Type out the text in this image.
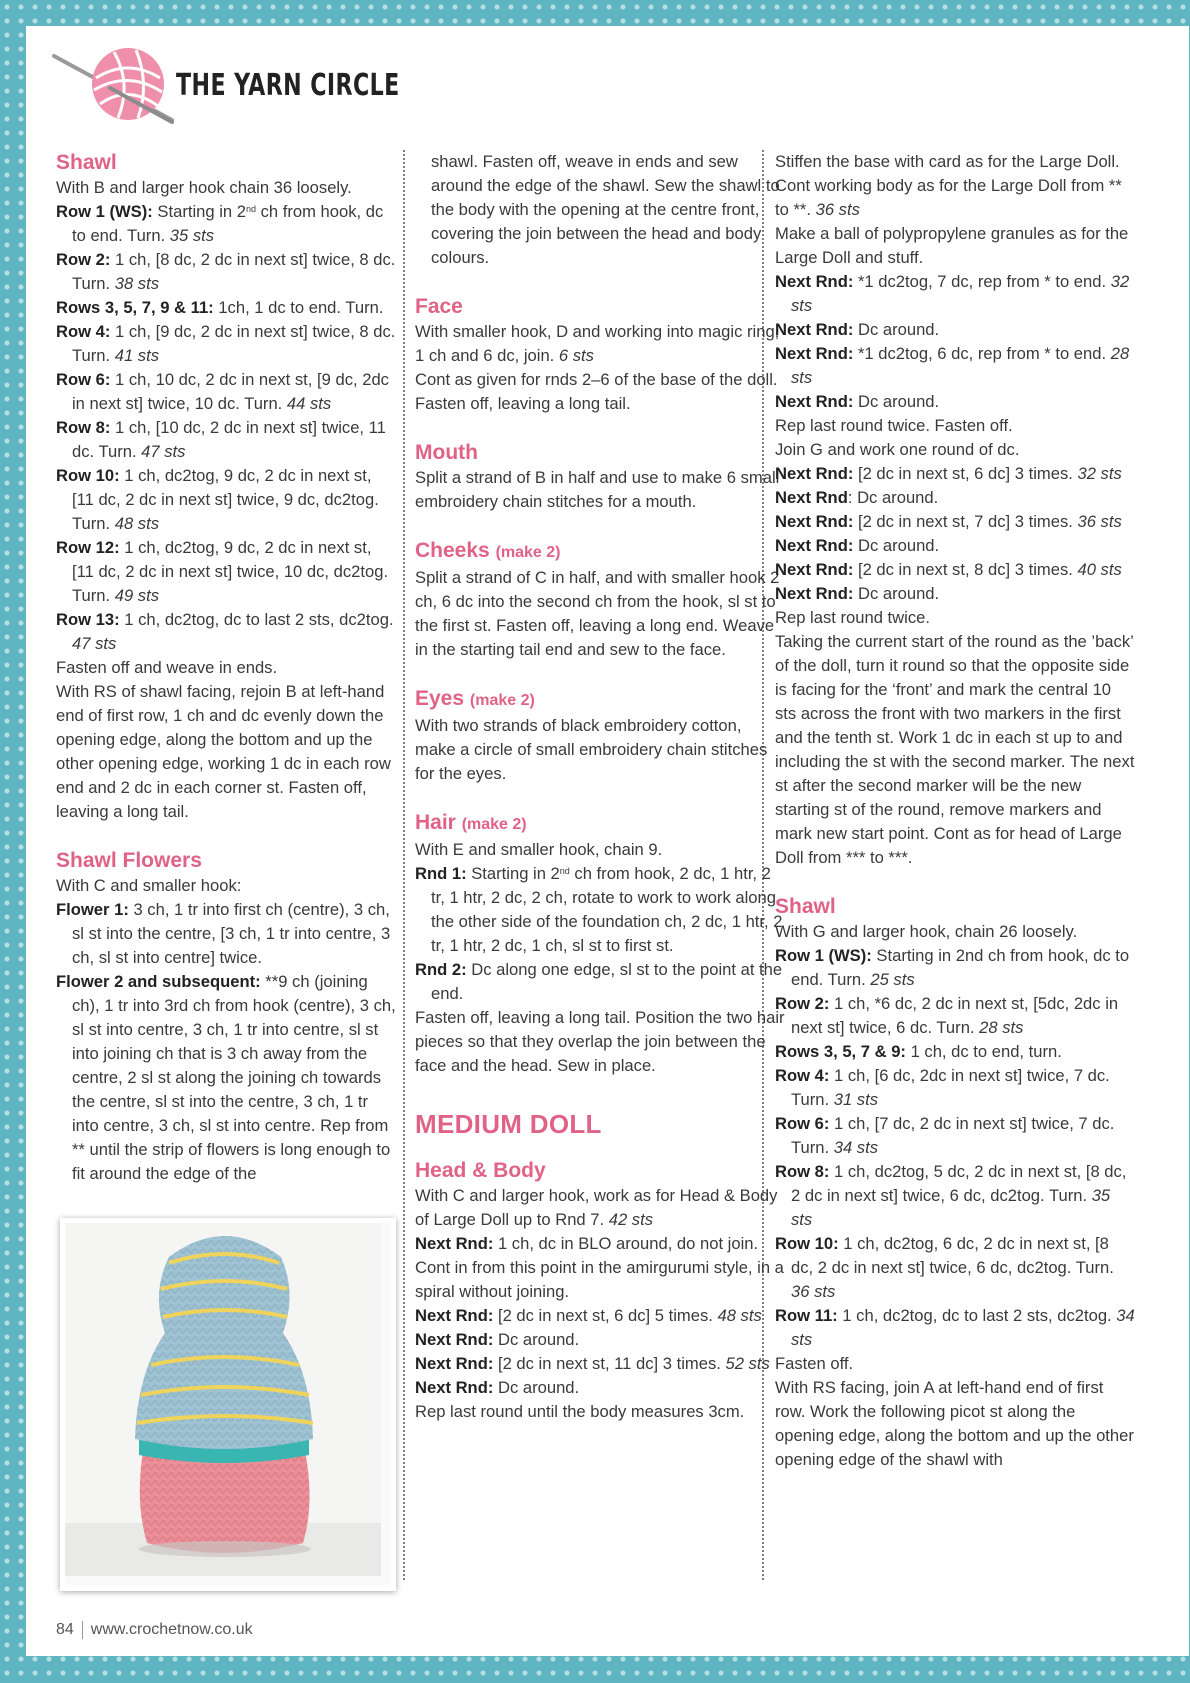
THE YARN CIRCLE
Shawl

With B and larger hook chain 36 loosely.

Row 1 (WS): Starting in 2nd ch from hook, dc to end. Turn. 35 sts

Row 2: 1 ch, [8 dc, 2 dc in next st] twice, 8 dc. Turn. 38 sts

Rows 3, 5, 7, 9 & 11: 1ch, 1 dc to end. Turn.

Row 4: 1 ch, [9 dc, 2 dc in next st] twice, 8 dc. Turn. 41 sts

Row 6: 1 ch, 10 dc, 2 dc in next st, [9 dc, 2dc in next st] twice, 10 dc. Turn. 44 sts

Row 8: 1 ch, [10 dc, 2 dc in next st] twice, 11 dc. Turn. 47 sts

Row 10: 1 ch, dc2tog, 9 dc, 2 dc in next st, [11 dc, 2 dc in next st] twice, 9 dc, dc2tog. Turn. 48 sts

Row 12: 1 ch, dc2tog, 9 dc, 2 dc in next st, [11 dc, 2 dc in next st] twice, 10 dc, dc2tog. Turn. 49 sts

Row 13: 1 ch, dc2tog, dc to last 2 sts, dc2tog. 47 sts

Fasten off and weave in ends.

With RS of shawl facing, rejoin B at left-hand end of first row, 1 ch and dc evenly down the opening edge, along the bottom and up the other opening edge, working 1 dc in each row end and 2 dc in each corner st. Fasten off, leaving a long tail.

Shawl Flowers

With C and smaller hook:

Flower 1: 3 ch, 1 tr into first ch (centre), 3 ch, sl st into the centre, [3 ch, 1 tr into centre, 3 ch, sl st into centre] twice.

Flower 2 and subsequent: **9 ch (joining ch), 1 tr into 3rd ch from hook (centre), 3 ch, sl st into centre, 3 ch, 1 tr into centre, sl st into joining ch that is 3 ch away from the centre, 2 sl st along the joining ch towards the centre, sl st into the centre, 3 ch, 1 tr into centre, 3 ch, sl st into centre. Rep from ** until the strip of flowers is long enough to fit around the edge of the

shawl. Fasten off, weave in ends and sew around the edge of the shawl. Sew the shawl to the body with the opening at the centre front, covering the join between the head and body colours.

Face

With smaller hook, D and working into magic ring, 1 ch and 6 dc, join. 6 sts

Cont as given for rnds 2–6 of the base of the doll.

Fasten off, leaving a long tail.

Mouth

Split a strand of B in half and use to make 6 small embroidery chain stitches for a mouth.

Cheeks (make 2)

Split a strand of C in half, and with smaller hook 2 ch, 6 dc into the second ch from the hook, sl st to the first st. Fasten off, leaving a long end. Weave in the starting tail end and sew to the face.

Eyes (make 2)

With two strands of black embroidery cotton, make a circle of small embroidery chain stitches for the eyes.

Hair (make 2)

With E and smaller hook, chain 9.

Rnd 1: Starting in 2nd ch from hook, 2 dc, 1 htr, 2 tr, 1 htr, 2 dc, 2 ch, rotate to work to work along the other side of the foundation ch, 2 dc, 1 htr, 2 tr, 1 htr, 2 dc, 1 ch, sl st to first st.

Rnd 2: Dc along one edge, sl st to the point at the end.

Fasten off, leaving a long tail. Position the two hair pieces so that they overlap the join between the face and the head. Sew in place.

MEDIUM DOLL
Head & Body

With C and larger hook, work as for Head & Body of Large Doll up to Rnd 7. 42 sts

Next Rnd: 1 ch, dc in BLO around, do not join.

Cont in from this point in the amirgurumi style, in a spiral without joining.

Next Rnd: [2 dc in next st, 6 dc] 5 times. 48 sts

Next Rnd: Dc around.

Next Rnd: [2 dc in next st, 11 dc] 3 times. 52 sts

Next Rnd: Dc around.

Rep last round until the body measures 3cm.

Stiffen the base with card as for the Large Doll. Cont working body as for the Large Doll from ** to **. 36 sts

Make a ball of polypropylene granules as for the Large Doll and stuff.

Next Rnd: *1 dc2tog, 7 dc, rep from * to end. 32 sts

Next Rnd: Dc around.

Next Rnd: *1 dc2tog, 6 dc, rep from * to end. 28 sts

Next Rnd: Dc around.

Rep last round twice. Fasten off.

Join G and work one round of dc.

Next Rnd: [2 dc in next st, 6 dc] 3 times. 32 sts

Next Rnd: Dc around.

Next Rnd: [2 dc in next st, 7 dc] 3 times. 36 sts

Next Rnd: Dc around.

Next Rnd: [2 dc in next st, 8 dc] 3 times. 40 sts

Next Rnd: Dc around.

Rep last round twice.

Taking the current start of the round as the ’back’ of the doll, turn it round so that the opposite side is facing for the ‘front’ and mark the central 10 sts across the front with two markers in the first and the tenth st. Work 1 dc in each st up to and including the st with the second marker. The next st after the second marker will be the new starting st of the round, remove markers and mark new start point. Cont as for head of Large Doll from *** to ***.

Shawl

With G and larger hook, chain 26 loosely.

Row 1 (WS): Starting in 2nd ch from hook, dc to end. Turn. 25 sts

Row 2: 1 ch, *6 dc, 2 dc in next st, [5dc, 2dc in next st] twice, 6 dc. Turn. 28 sts

Rows 3, 5, 7 & 9: 1 ch, dc to end, turn.

Row 4: 1 ch, [6 dc, 2dc in next st] twice, 7 dc. Turn. 31 sts

Row 6: 1 ch, [7 dc, 2 dc in next st] twice, 7 dc. Turn. 34 sts

Row 8: 1 ch, dc2tog, 5 dc, 2 dc in next st, [8 dc, 2 dc in next st] twice, 6 dc, dc2tog. Turn. 35 sts

Row 10: 1 ch, dc2tog, 6 dc, 2 dc in next st, [8 dc, 2 dc in next st] twice, 6 dc, dc2tog. Turn. 36 sts

Row 11: 1 ch, dc2tog, dc to last 2 sts, dc2tog. 34 sts

Fasten off.

With RS facing, join A at left-hand end of first row. Work the following picot st along the opening edge, along the bottom and up the other opening edge of the shawl with

84 www.crochetnow.co.uk
